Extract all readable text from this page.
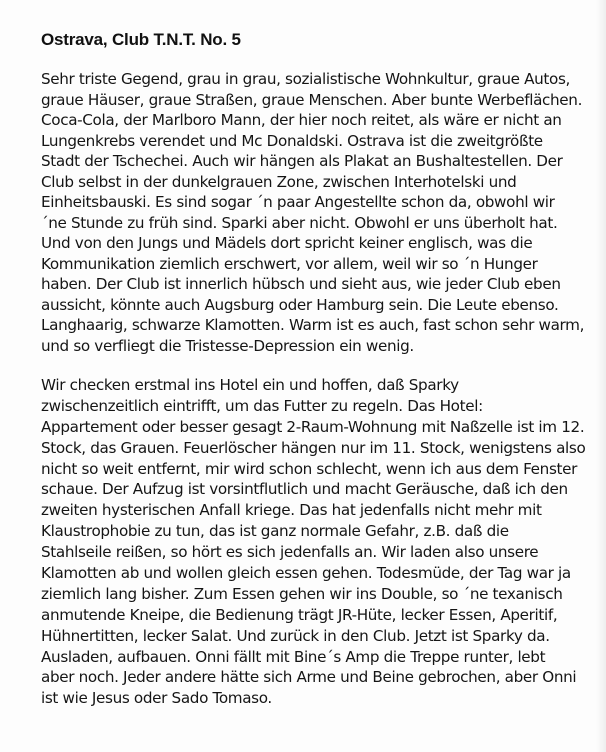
Ostrava, Club T.N.T. No. 5
Sehr triste Gegend, grau in grau, sozialistische Wohnkultur, graue Autos,
graue Häuser, graue Straßen, graue Menschen. Aber bunte Werbeflächen.
Coca-Cola, der Marlboro Mann, der hier noch reitet, als wäre er nicht an
Lungenkrebs verendet und Mc Donaldski. Ostrava ist die zweitgrößte
Stadt der Tschechei. Auch wir hängen als Plakat an Bushaltestellen. Der
Club selbst in der dunkelgrauen Zone, zwischen Interhotelski und
Einheitsbauski. Es sind sogar ´n paar Angestellte schon da, obwohl wir
´ne Stunde zu früh sind. Sparki aber nicht. Obwohl er uns überholt hat.
Und von den Jungs und Mädels dort spricht keiner englisch, was die
Kommunikation ziemlich erschwert, vor allem, weil wir so ´n Hunger
haben. Der Club ist innerlich hübsch und sieht aus, wie jeder Club eben
aussicht, könnte auch Augsburg oder Hamburg sein. Die Leute ebenso.
Langhaarig, schwarze Klamotten. Warm ist es auch, fast schon sehr warm,
und so verfliegt die Tristesse-Depression ein wenig.
Wir checken erstmal ins Hotel ein und hoffen, daß Sparky
zwischenzeitlich eintrifft, um das Futter zu regeln. Das Hotel:
Appartement oder besser gesagt 2-Raum-Wohnung mit Naßzelle ist im 12.
Stock, das Grauen. Feuerlöscher hängen nur im 11. Stock, wenigstens also
nicht so weit entfernt, mir wird schon schlecht, wenn ich aus dem Fenster
schaue. Der Aufzug ist vorsintflutlich und macht Geräusche, daß ich den
zweiten hysterischen Anfall kriege. Das hat jedenfalls nicht mehr mit
Klaustrophobie zu tun, das ist ganz normale Gefahr, z.B. daß die
Stahlseile reißen, so hört es sich jedenfalls an. Wir laden also unsere
Klamotten ab und wollen gleich essen gehen. Todesmüde, der Tag war ja
ziemlich lang bisher. Zum Essen gehen wir ins Double, so ´ne texanisch
anmutende Kneipe, die Bedienung trägt JR-Hüte, lecker Essen, Aperitif,
Hühnertitten, lecker Salat. Und zurück in den Club. Jetzt ist Sparky da.
Ausladen, aufbauen. Onni fällt mit Bine´s Amp die Treppe runter, lebt
aber noch. Jeder andere hätte sich Arme und Beine gebrochen, aber Onni
ist wie Jesus oder Sado Tomaso.
